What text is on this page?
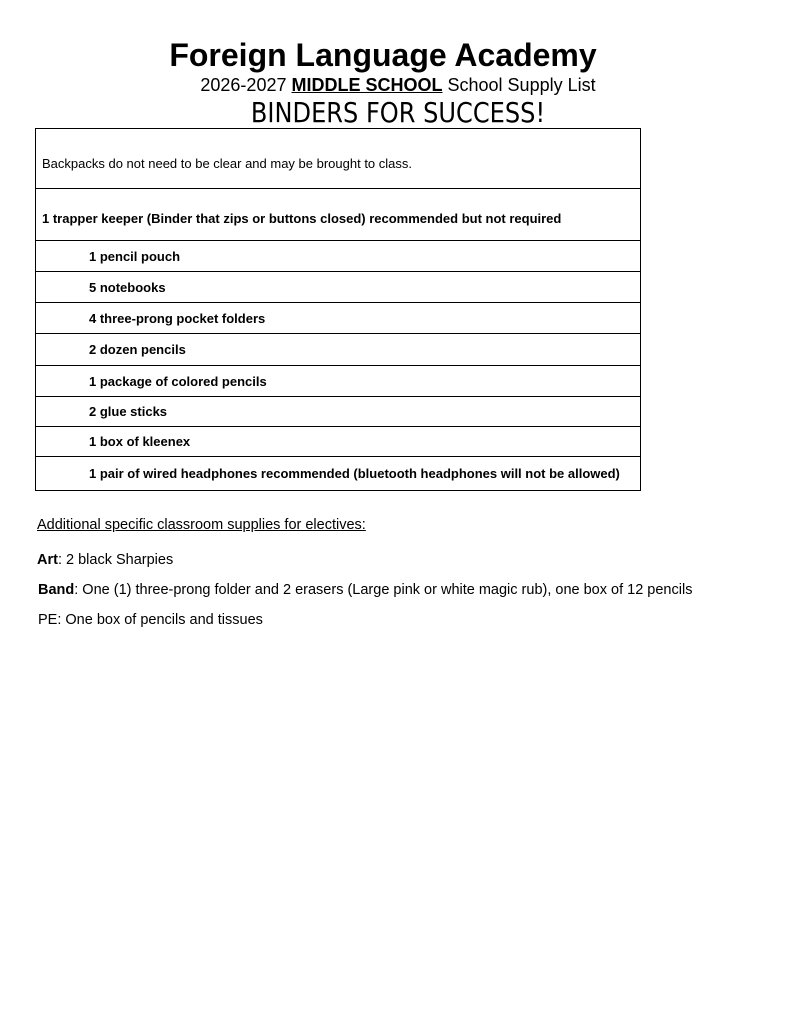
Foreign Language Academy
2026-2027 MIDDLE SCHOOL School Supply List
BINDERS FOR SUCCESS!
Backpacks do not need to be clear and may be brought to class.
1 trapper keeper (Binder that zips or buttons closed) recommended but not required
1 pencil pouch
5 notebooks
4 three-prong pocket folders
2 dozen pencils
1 package of colored pencils
2 glue sticks
1 box of kleenex
1 pair of wired headphones recommended (bluetooth headphones will not be allowed)
Additional specific classroom supplies for electives:
Art: 2 black Sharpies
Band: One (1) three-prong folder and 2 erasers (Large pink or white magic rub), one box of 12 pencils
PE: One box of pencils and tissues
